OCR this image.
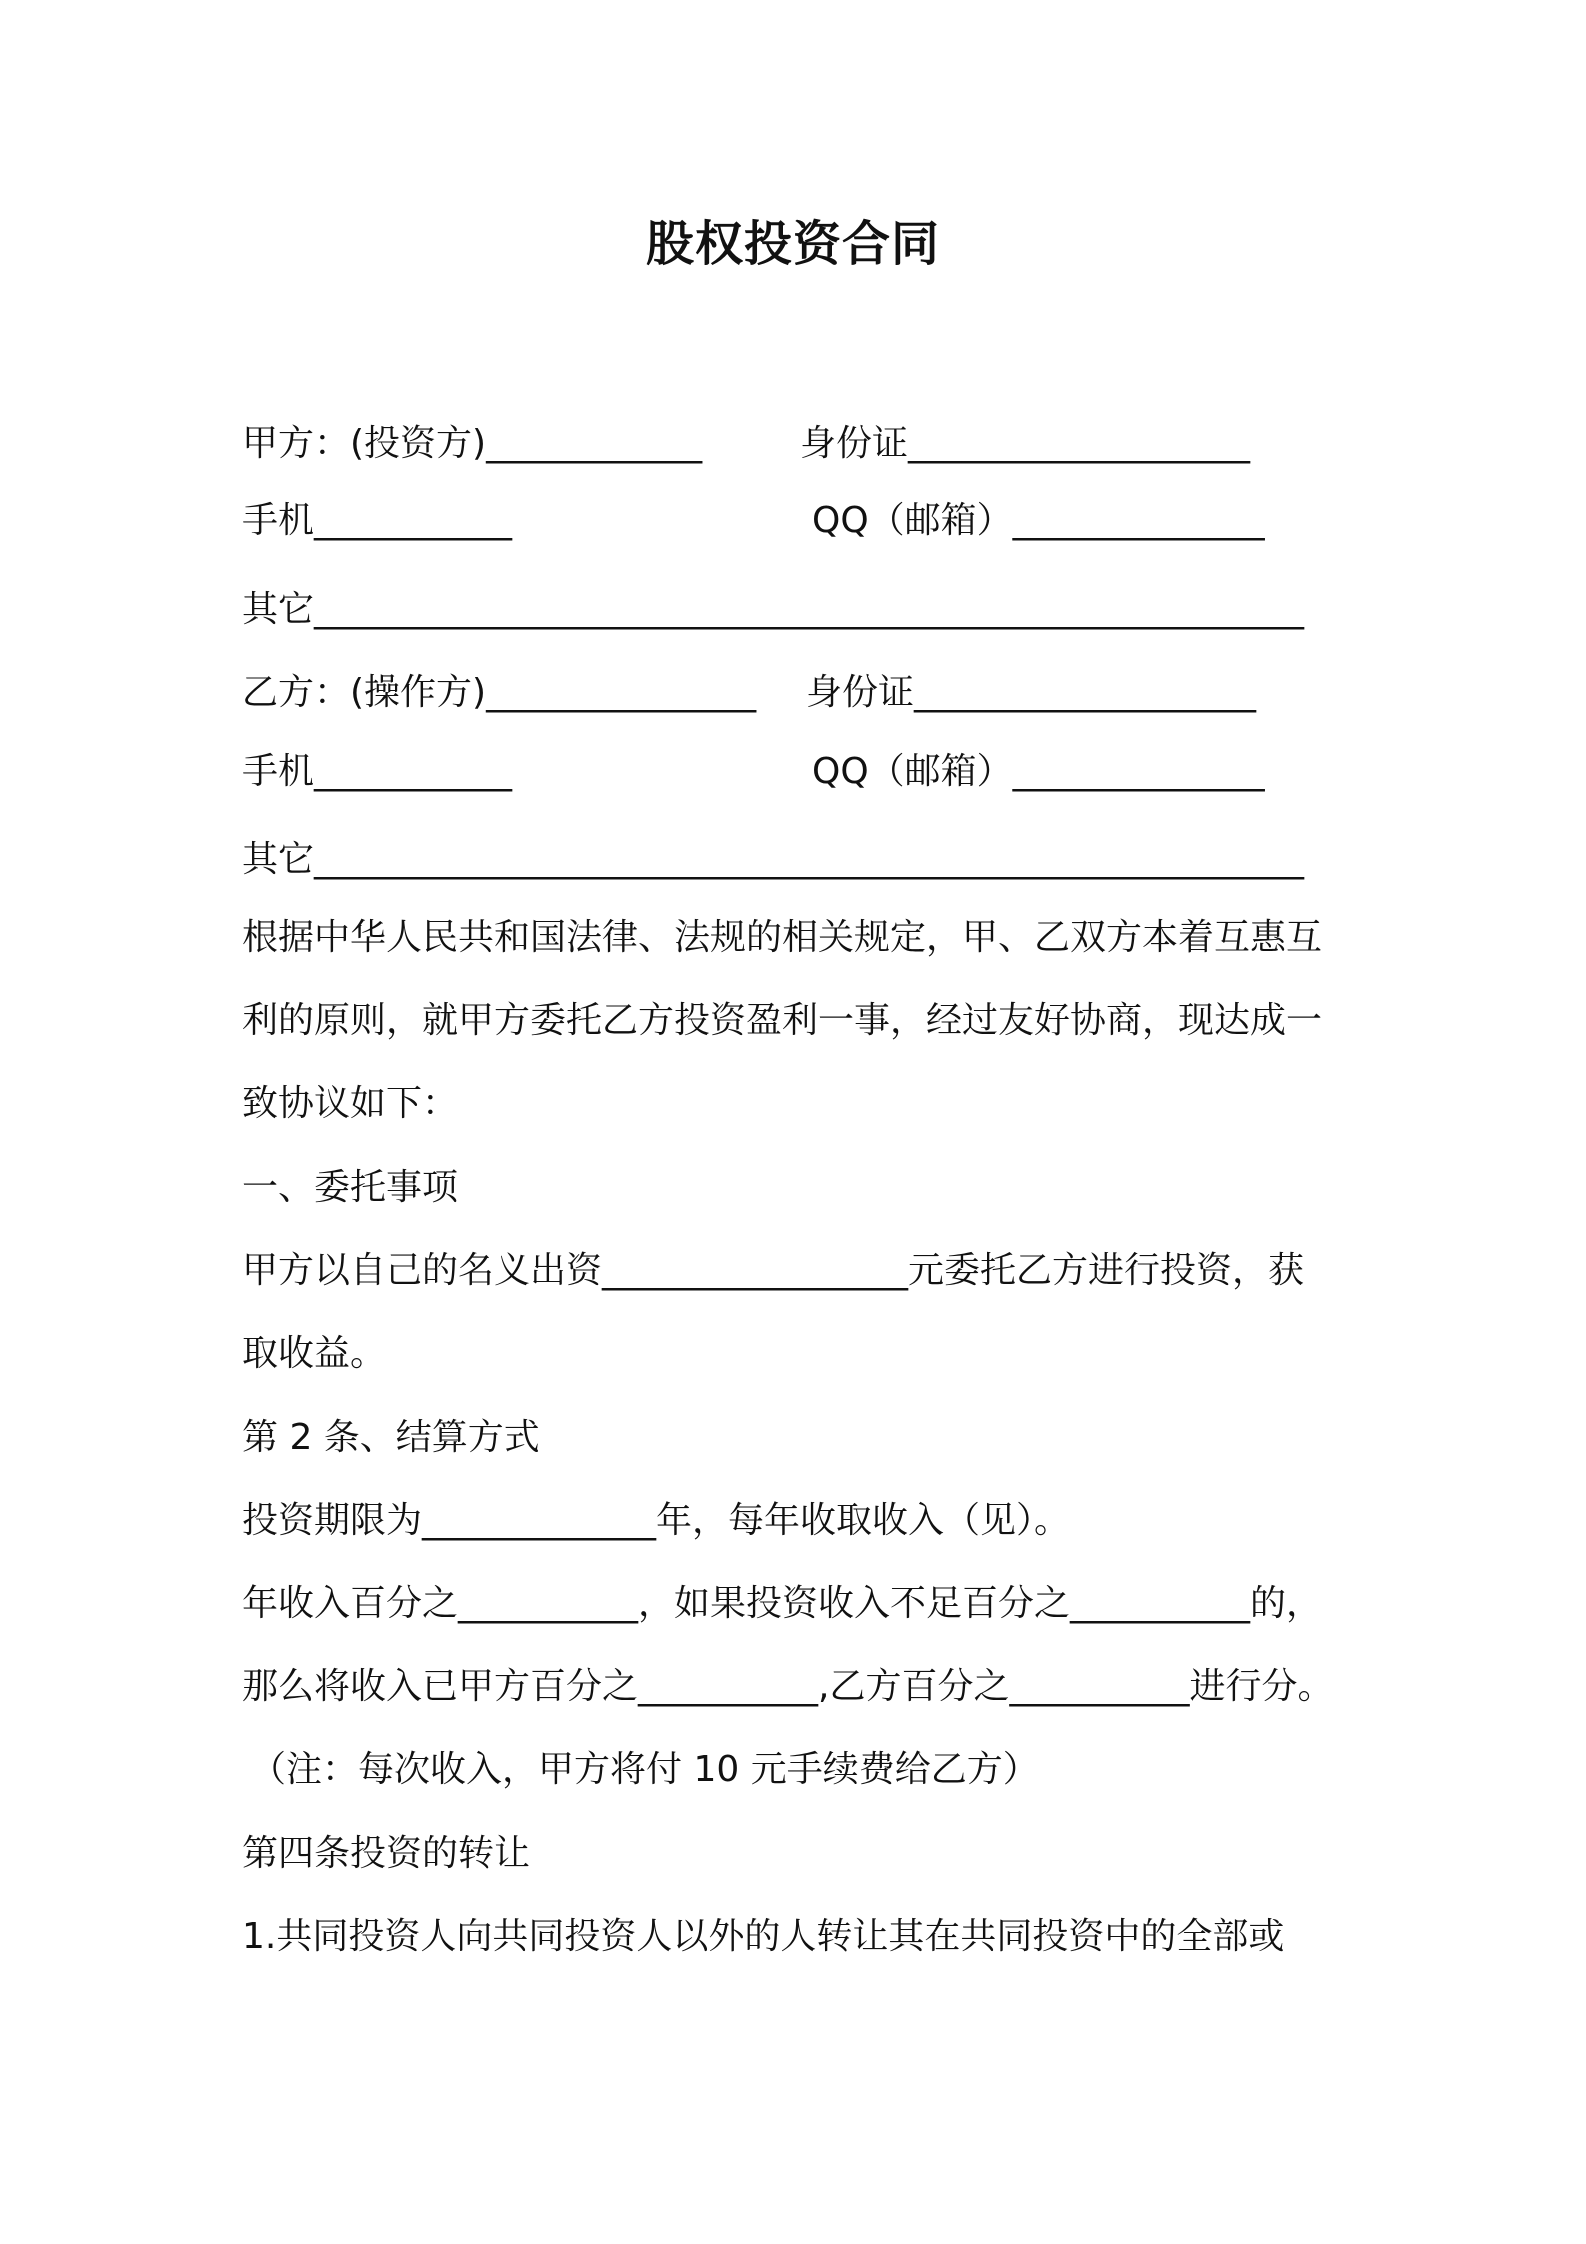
股权投资合同
甲方：(投资方)____________	身份证___________________
手机___________	QQ（邮箱）______________
其它_______________________________________________________
乙方：(操作方)_______________ 身份证___________________
手机___________	QQ（邮箱）______________
其它_______________________________________________________
根据中华人民共和国法律、法规的相关规定，甲、乙双方本着互惠互
利的原则，就甲方委托乙方投资盈利一事，经过友好协商，现达成一
致协议如下：
一、委托事项
甲方以自己的名义出资_________________元委托乙方进行投资，获
取收益。
第 2 条、结算方式
投资期限为_____________年，每年收取收入（见）。
年收入百分之__________，如果投资收入不足百分之__________的，
那么将收入已甲方百分之__________,乙方百分之__________进行分。
（注：每次收入，甲方将付 10 元手续费给乙方）
第四条投资的转让
1.共同投资人向共同投资人以外的人转让其在共同投资中的全部或
